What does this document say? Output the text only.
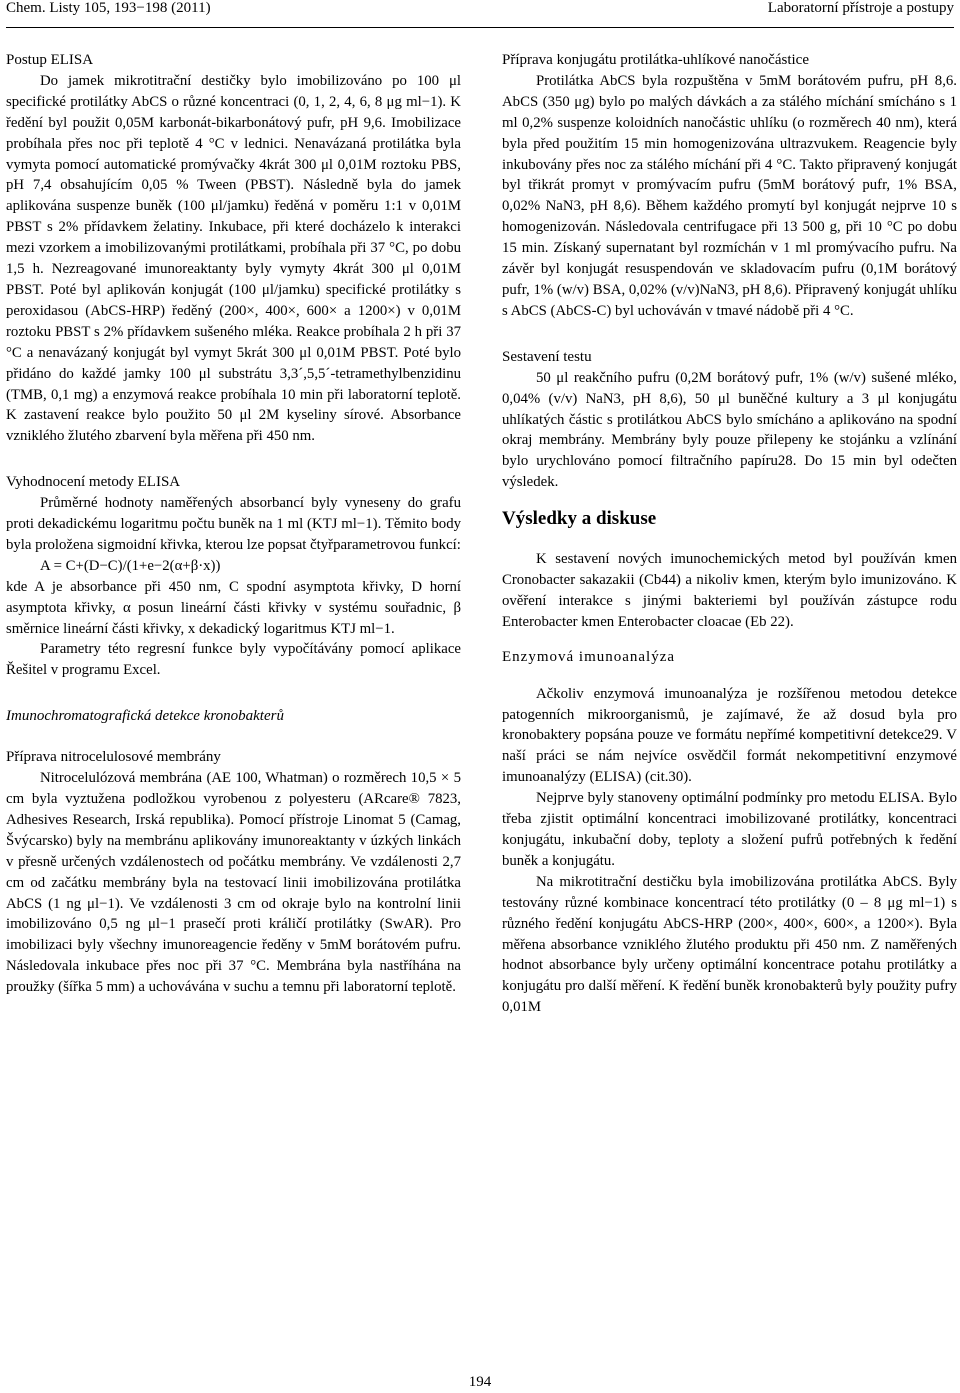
Chem. Listy 105, 193−198 (2011)	Laboratorní přístroje a postupy

Postup ELISA

Do jamek mikrotitrační destičky bylo imobilizováno po 100 μl specifické protilátky AbCS o různé koncentraci (0, 1, 2, 4, 6, 8 μg ml−1). K ředění byl použit 0,05M karbonát-bikarbonátový pufr, pH 9,6. Imobilizace probíhala přes noc při teplotě 4 °C v lednici. Nenavázaná protilátka byla vymyta pomocí automatické promývačky 4krát 300 μl 0,01M roztoku PBS, pH 7,4 obsahujícím 0,05 % Tween (PBST). Následně byla do jamek aplikována suspenze buněk (100 μl/jamku) ředěná v poměru 1:1 v 0,01M PBST s 2% přídavkem želatiny. Inkubace, při které docházelo k interakci mezi vzorkem a imobilizovanými protilátkami, probíhala při 37 °C, po dobu 1,5 h. Nezreagované imunoreaktanty byly vymyty 4krát 300 μl 0,01M PBST. Poté byl aplikován konjugát (100 μl/jamku) specifické protilátky s peroxidasou (AbCS-HRP) ředěný (200×, 400×, 600× a 1200×) v 0,01M roztoku PBST s 2% přídavkem sušeného mléka. Reakce probíhala 2 h při 37 °C a nenavázaný konjugát byl vymyt 5krát 300 μl 0,01M PBST. Poté bylo přidáno do každé jamky 100 μl substrátu 3,3´,5,5´-tetramethylbenzidinu (TMB, 0,1 mg) a enzymová reakce probíhala 10 min při laboratorní teplotě. K zastavení reakce bylo použito 50 μl 2M kyseliny sírové. Absorbance vzniklého žlutého zbarvení byla měřena při 450 nm.

Vyhodnocení metody ELISA

Průměrné hodnoty naměřených absorbancí byly vyneseny do grafu proti dekadickému logaritmu počtu buněk na 1 ml (KTJ ml−1). Těmito body byla proložena sigmoidní křivka, kterou lze popsat čtyřparametrovou funkcí:

A = C+(D−C)/(1+e−2(α+β·x))

kde A je absorbance při 450 nm, C spodní asymptota křivky, D horní asymptota křivky, α posun lineární části křivky v systému souřadnic, β směrnice lineární části křivky, x dekadický logaritmus KTJ ml−1.

Parametry této regresní funkce byly vypočítávány pomocí aplikace Řešitel v programu Excel.

Imunochromatografická detekce kronobakterů

Příprava nitrocelulosové membrány

Nitrocelulózová membrána (AE 100, Whatman) o rozměrech 10,5 × 5 cm byla vyztužena podložkou vyrobenou z polyesteru (ARcare® 7823, Adhesives Research, Irská republika). Pomocí přístroje Linomat 5 (Camag, Švýcarsko) byly na membránu aplikovány imunoreaktanty v úzkých linkách v přesně určených vzdálenostech od počátku membrány. Ve vzdálenosti 2,7 cm od začátku membrány byla na testovací linii imobilizována protilátka AbCS (1 ng μl−1). Ve vzdálenosti 3 cm od okraje bylo na kontrolní linii imobilizováno 0,5 ng μl−1 prasečí proti králičí protilátky (SwAR). Pro imobilizaci byly všechny imunoreagencie ředěny v 5mM borátovém pufru. Následovala inkubace přes noc při 37 °C. Membrána byla nastříhána na proužky (šířka 5 mm) a uchovávána v suchu a temnu při laboratorní teplotě.

Příprava konjugátu protilátka-uhlíkové nanočástice

Protilátka AbCS byla rozpuštěna v 5mM borátovém pufru, pH 8,6. AbCS (350 μg) bylo po malých dávkách a za stálého míchání smícháno s 1 ml 0,2% suspenze koloidních nanočástic uhlíku (o rozměrech 40 nm), která byla před použitím 15 min homogenizována ultrazvukem. Reagencie byly inkubovány přes noc za stálého míchání při 4 °C. Takto připravený konjugát byl třikrát promyt v promývacím pufru (5mM borátový pufr, 1% BSA, 0,02% NaN3, pH 8,6). Během každého promytí byl konjugát nejprve 10 s homogenizován. Následovala centrifugace při 13 500 g, při 10 °C po dobu 15 min. Získaný supernatant byl rozmíchán v 1 ml promývacího pufru. Na závěr byl konjugát resuspendován ve skladovacím pufru (0,1M borátový pufr, 1% (w/v) BSA, 0,02% (v/v)NaN3, pH 8,6). Připravený konjugát uhlíku s AbCS (AbCS-C) byl uchováván v tmavé nádobě při 4 °C.

Sestavení testu

50 μl reakčního pufru (0,2M borátový pufr, 1% (w/v) sušené mléko, 0,04% (v/v) NaN3, pH 8,6), 50 μl buněčné kultury a 3 μl konjugátu uhlíkatých částic s protilátkou AbCS bylo smícháno a aplikováno na spodní okraj membrány. Membrány byly pouze přilepeny ke stojánku a vzlínání bylo urychlováno pomocí filtračního papíru28. Do 15 min byl odečten výsledek.

Výsledky a diskuse

K sestavení nových imunochemických metod byl používán kmen Cronobacter sakazakii (Cb44) a nikoliv kmen, kterým bylo imunizováno. K ověření interakce s jinými bakteriemi byl používán zástupce rodu Enterobacter kmen Enterobacter cloacae (Eb 22).

Enzymová imunoanalýza

Ačkoliv enzymová imunoanalýza je rozšířenou metodou detekce patogenních mikroorganismů, je zajímavé, že až dosud byla pro kronobaktery popsána pouze ve formátu nepřímé kompetitivní detekce29. V naší práci se nám nejvíce osvědčil formát nekompetitivní enzymové imunoanalýzy (ELISA) (cit.30).

Nejprve byly stanoveny optimální podmínky pro metodu ELISA. Bylo třeba zjistit optimální koncentraci imobilizované protilátky, koncentraci konjugátu, inkubační doby, teploty a složení pufrů potřebných k ředění buněk a konjugátu.

Na mikrotitrační destičku byla imobilizována protilátka AbCS. Byly testovány různé kombinace koncentrací této protilátky (0 – 8 μg ml−1) s různého ředění konjugátu AbCS-HRP (200×, 400×, 600×, a 1200×). Byla měřena absorbance vzniklého žlutého produktu při 450 nm. Z naměřených hodnot absorbance byly určeny optimální koncentrace potahu protilátky a konjugátu pro další měření. K ředění buněk kronobakterů byly použity pufry 0,01M

194
